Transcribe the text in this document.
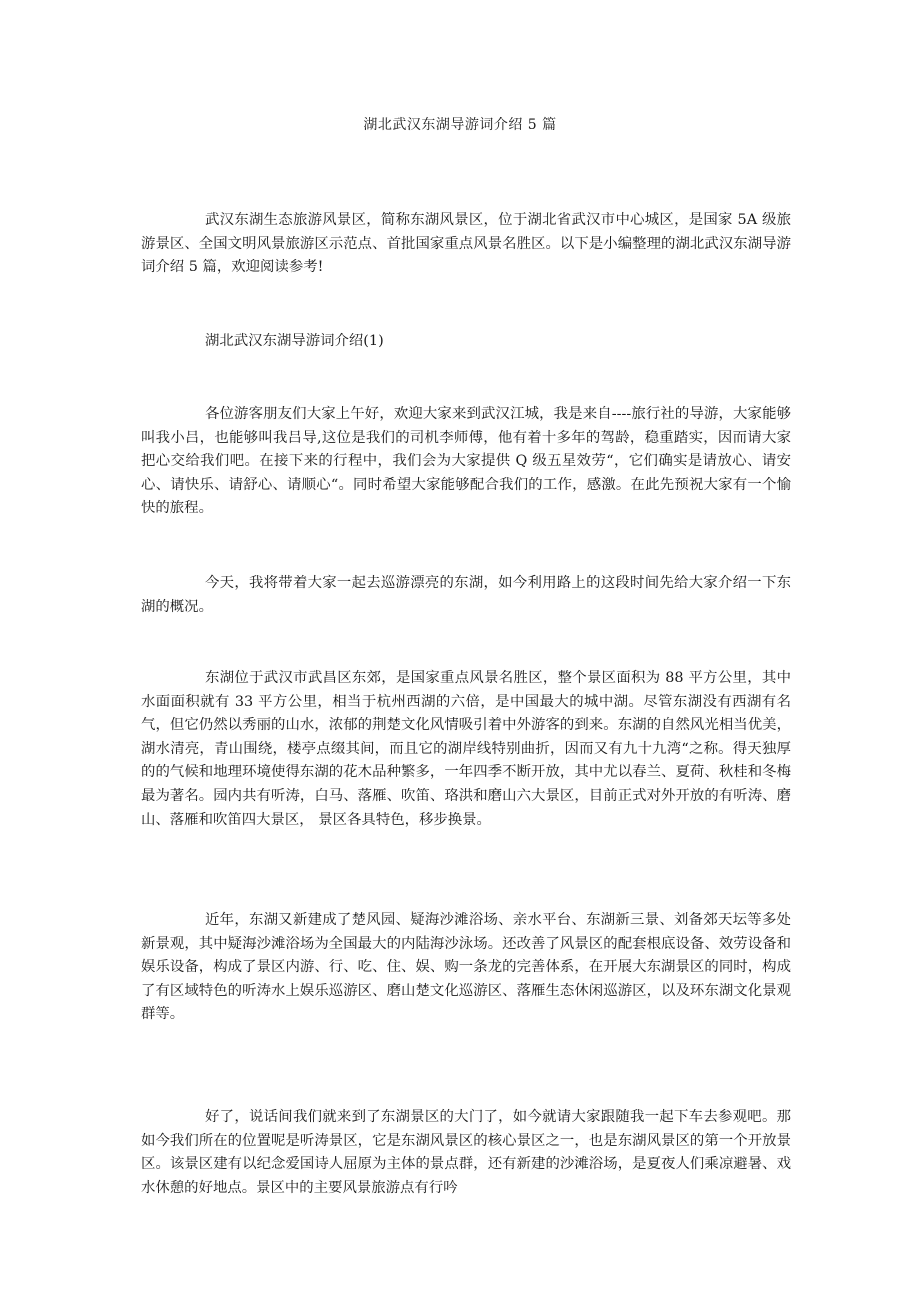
湖北武汉东湖导游词介绍 5 篇

武汉东湖生态旅游风景区，简称东湖风景区，位于湖北省武汉市中心城区，是国家 5A 级旅游景区、全国文明风景旅游区示范点、首批国家重点风景名胜区。以下是小编整理的湖北武汉东湖导游词介绍 5 篇，欢迎阅读参考!

湖北武汉东湖导游词介绍(1)

各位游客朋友们大家上午好，欢迎大家来到武汉江城，我是来自----旅行社的导游，大家能够叫我小吕，也能够叫我吕导,这位是我们的司机李师傅，他有着十多年的驾龄，稳重踏实，因而请大家把心交给我们吧。在接下来的行程中，我们会为大家提供 Q 级五星效劳“，它们确实是请放心、请安心、请快乐、请舒心、请顺心“。同时希望大家能够配合我们的工作，感激。在此先预祝大家有一个愉快的旅程。

今天，我将带着大家一起去巡游漂亮的东湖，如今利用路上的这段时间先给大家介绍一下东湖的概况。

东湖位于武汉市武昌区东郊，是国家重点风景名胜区，整个景区面积为 88 平方公里，其中水面面积就有 33 平方公里，相当于杭州西湖的六倍，是中国最大的城中湖。尽管东湖没有西湖有名气，但它仍然以秀丽的山水，浓郁的荆楚文化风情吸引着中外游客的到来。东湖的自然风光相当优美，湖水清亮，青山围绕，楼亭点缀其间，而且它的湖岸线特别曲折，因而又有九十九湾“之称。得天独厚的的气候和地理环境使得东湖的花木品种繁多，一年四季不断开放，其中尤以春兰、夏荷、秋桂和冬梅最为著名。园内共有听涛，白马、落雁、吹笛、珞洪和磨山六大景区，目前正式对外开放的有听涛、磨山、落雁和吹笛四大景区， 景区各具特色，移步换景。

近年，东湖又新建成了楚风园、疑海沙滩浴场、亲水平台、东湖新三景、刘备郊天坛等多处新景观，其中疑海沙滩浴场为全国最大的内陆海沙泳场。还改善了风景区的配套根底设备、效劳设备和娱乐设备，构成了景区内游、行、吃、住、娱、购一条龙的完善体系，在开展大东湖景区的同时，构成了有区域特色的听涛水上娱乐巡游区、磨山楚文化巡游区、落雁生态休闲巡游区，以及环东湖文化景观群等。

好了，说话间我们就来到了东湖景区的大门了，如今就请大家跟随我一起下车去参观吧。那如今我们所在的位置呢是听涛景区，它是东湖风景区的核心景区之一，也是东湖风景区的第一个开放景区。该景区建有以纪念爱国诗人屈原为主体的景点群，还有新建的沙滩浴场，是夏夜人们乘凉避暑、戏水休憩的好地点。景区中的主要风景旅游点有行吟
